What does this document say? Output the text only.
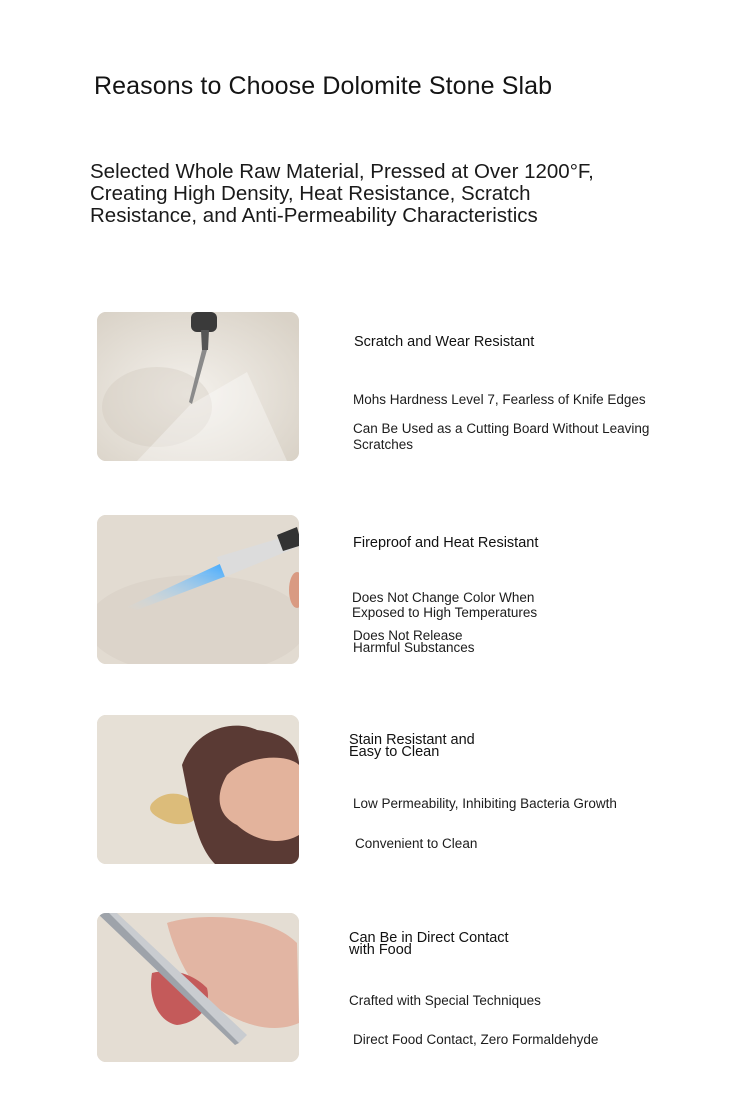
Reasons to Choose Dolomite Stone Slab
Selected Whole Raw Material, Pressed at Over 1200°F, Creating High Density, Heat Resistance, Scratch Resistance, and Anti-Permeability Characteristics
Scratch and Wear Resistant
Mohs Hardness Level 7, Fearless of Knife Edges
Can Be Used as a Cutting Board Without Leaving
Scratches
Fireproof and Heat Resistant
Does Not Change Color When
Exposed to High Temperatures
Does Not Release
Harmful Substances
Stain Resistant and
Easy to Clean
Low Permeability, Inhibiting Bacteria Growth
Convenient to Clean
Can Be in Direct Contact
with Food
Crafted with Special Techniques
Direct Food Contact, Zero Formaldehyde
